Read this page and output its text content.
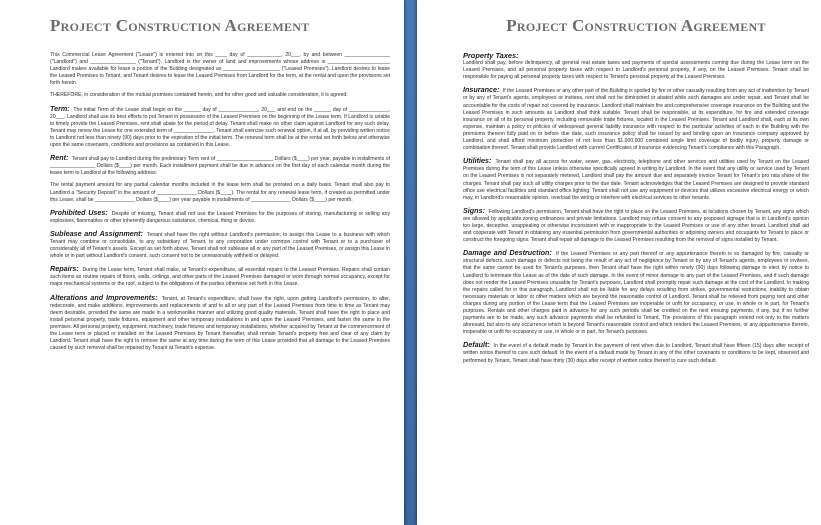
Project Construction Agreement

This Commercial Lease Agreement ("Lease") is entered into on this ____ day of ____________, 20___, by and between ________________ ("Landlord") and ________________ ("Tenant"). Landlord is the owner of land and improvements whose address is ______________________ Landlord makes available for lease a portion of the Building designated as ____________________ ("Leased Premises"). Landlord desires to lease the Leased Premises to Tenant, and Tenant desires to lease the Leased Premises from Landlord for the term, at the rental and upon the provisions set forth herein.

THEREFORE, in consideration of the mutual promises contained herein, and for other good and valuable consideration, it is agreed:

Term: The initial Term of the Lease shall begin on the ______ day of ______________, 20___ and end on the ______ day of ______________, 20___. Landlord shall use its best efforts to put Tenant in possession of the Leased Premises on the beginning of the Lease term. If Landlord is unable to timely provide the Leased Premises, rent shall abate for the period of delay. Tenant shall make no other claim against Landlord for any such delay. Tenant may renew the Lease for one extended term of ______________. Tenant shall exercise such renewal option, if at all, by providing written notice to Landlord not less than ninety (90) days prior to the expiration of the initial term. The renewal term shall be at the rental set forth below and otherwise upon the same covenants, conditions and provisions as contained in this Lease.

Rent: Tenant shall pay to Landlord during the preliminary Term rent of ____________________ Dollars ($____) per year, payable in installments of ________________ Dollars ($____) per month. Each installment payment shall be due in advance on the first day of each calendar month during the lease term to Landlord at the following address:

The rental payment amount for any partial calendar months included in the lease term shall be prorated on a daily basis. Tenant shall also pay to Landlord a "Security Deposit" in the amount of ______________ Dollars ($____). The rental for any renewal lease term, if created as permitted under this Lease, shall be ______________ Dollars ($____) per year payable in installments of ______________ Dollars ($____) per month.

Prohibited Uses: Despite of missing, Tenant shall not use the Leased Premises for the purposes of storing, manufacturing or selling any explosives, flammables or other inherently dangerous substance, chemical, thing or device.

Sublease and Assignment: Tenant shall have the right without Landlord's permission, to assign this Lease to a business with which Tenant may combine or consolidate, to any subsidiary of Tenant, to any corporation under common control with Tenant or to a purchaser of considerably all of Tenant's assets. Except as set forth above, Tenant shall not sublease all or any part of the Leased Premises, or assign this Lease in whole or in part without Landlord's consent, such consent not to be unreasonably withheld or delayed.

Repairs: During the Lease term, Tenant shall make, at Tenant's expenditure, all essential repairs to the Leased Premises. Repairs shall contain such items as routine repairs of floors, walls, ceilings, and other parts of the Leased Premises damaged or worn through normal occupancy, except for major mechanical systems or the roof, subject to the obligations of the parties otherwise set forth in this Lease.

Alterations and Improvements: Tenant, at Tenant's expenditure, shall have the right, upon getting Landlord's permission, to alter, redecorate, and make additions, improvements and replacements of and to all or any part of the Leased Premises from time to time as Tenant may deem desirable, provided the same are made in a workmanlike manner and utilizing good quality materials. Tenant shall have the right to place and install personal property, trade fixtures, equipment and other temporary installations in and upon the Leased Premises, and fasten the same to the premises. All personal property, equipment, machinery, trade fixtures and temporary installations, whether acquired by Tenant at the commencement of the Lease term or placed or installed on the Leased Premises by Tenant thereafter, shall remain Tenant's property free and clear of any claim by Landlord. Tenant shall have the right to remove the same at any time during the term of this Lease provided that all damage to the Leased Premises caused by such removal shall be repaired by Tenant at Tenant's expense.

Project Construction Agreement

Property Taxes:
Landlord shall pay, before delinquency, all general real estate taxes and payments of special assessments coming due during the Lease term on the Leased Premises, and all personal property taxes with respect to Landlord's personal property, if any, on the Leased Premises. Tenant shall be responsible for paying all personal property taxes with respect to Tenant's personal property at the Leased Premises.

Insurance: If the Leased Premises or any other part of the Building is spoiled by fire or other casualty resulting from any act of inattention by Tenant or by any of Tenant's agents, employees or invitees, rent shall not be diminished or abated while such damages are under repair, and Tenant shall be accountable for the costs of repair not covered by insurance. Landlord shall maintain fire and comprehensive coverage insurance on the Building and the Leased Premises in such amounts as Landlord shall think suitable. Tenant shall be responsible, at its expenditure, for fire and extended coverage insurance on all of its personal property, including removable trade fixtures, located in the Leased Premises. Tenant and Landlord shall, each at its own expense, maintain a policy or policies of widespread general liability insurance with respect to the particular activities of each in the Building with the premiums thereon fully paid on or before due date, such insurance policy shall be issued by and binding upon an insurance company approved by Landlord, and shall afford minimum protection of not less than $1,000,000 combined single limit coverage of bodily injury, property damage or combination thereof. Tenant shall provide Landlord with current Certificates of Insurance evidencing Tenant's compliance with this Paragraph.

Utilities: Tenant shall pay all access for water, sewer, gas, electricity, telephone and other services and utilities used by Tenant on the Leased Premises during the term of this Lease unless otherwise specifically agreed in writing by Landlord. In the event that any utility or service used by Tenant on the Leased Premises is not separately metered, Landlord shall pay the amount due and separately invoice Tenant for Tenant's pro rata share of the charges. Tenant shall pay such all utility charges prior to the due date. Tenant acknowledges that the Leased Premises are designed to provide standard office use electrical facilities and standard office lighting. Tenant shall not use any equipment or devices that utilizes excessive electrical energy or which may, in Landlord's reasonable opinion, overload the wiring or interfere with electrical services to other tenants.

Signs: Following Landlord's permission, Tenant shall have the right to place on the Leased Premises, at locations chosen by Tenant, any signs which are allowed by applicable zoning ordinances and private limitations. Landlord may refuse consent to any proposed signage that is in Landlord's opinion too large, deceptive, unappealing or otherwise inconsistent with or inappropriate to the Leased Premises or use of any other tenant. Landlord shall aid and cooperate with Tenant in obtaining any essential permission from governmental authorities or adjoining owners and occupants for Tenant to place or construct the foregoing signs. Tenant shall repair all damage to the Leased Premises resulting from the removal of signs installed by Tenant.

Damage and Destruction: If the Leased Premises or any part thereof or any appurtenance thereto is so damaged by fire, casualty or structural defects, such damage or defects not being the result of any act of negligence by Tenant or by any of Tenant's agents, employees or invitees, that the same cannot be used for Tenant's purposes, then Tenant shall have the right within ninety (90) days following damage to elect by notice to Landlord to terminate this Lease as of the date of such damage. In the event of minor damage to any part of the Leased Premises, and if such damage does not render the Leased Premises unusable for Tenant's purposes, Landlord shall promptly repair such damage at the cost of the Landlord. In making the repairs called for in this paragraph, Landlord shall not be liable for any delays resulting from strikes, governmental restrictions, inability to obtain necessary materials or labor or other matters which are beyond the reasonable control of Landlord. Tenant shall be relieved from paying rent and other charges during any portion of the Lease term that the Leased Premises are inoperable or unfit for occupancy, or use, in whole or in part, for Tenant's purposes. Rentals and other charges paid in advance for any such periods shall be credited on the next ensuing payments, if any, but if no further payments are to be made, any such advance payments shall be refunded to Tenant. The provisions of this paragraph extend not only to the matters aforesaid, but also to any occurrence which is beyond Tenant's reasonable control and which renders the Leased Premises, or any appurtenance thereto, inoperable or unfit for occupancy or use, in whole or in part, for Tenant's purposes.

Default: In the event of a default made by Tenant in the payment of rent when due to Landlord, Tenant shall have fifteen (15) days after receipt of written notice thereof to cure such default. In the event of a default made by Tenant in any of the other covenants or conditions to be kept, observed and performed by Tenant, Tenant shall have thirty (30) days after receipt of written notice thereof to cure such default.
